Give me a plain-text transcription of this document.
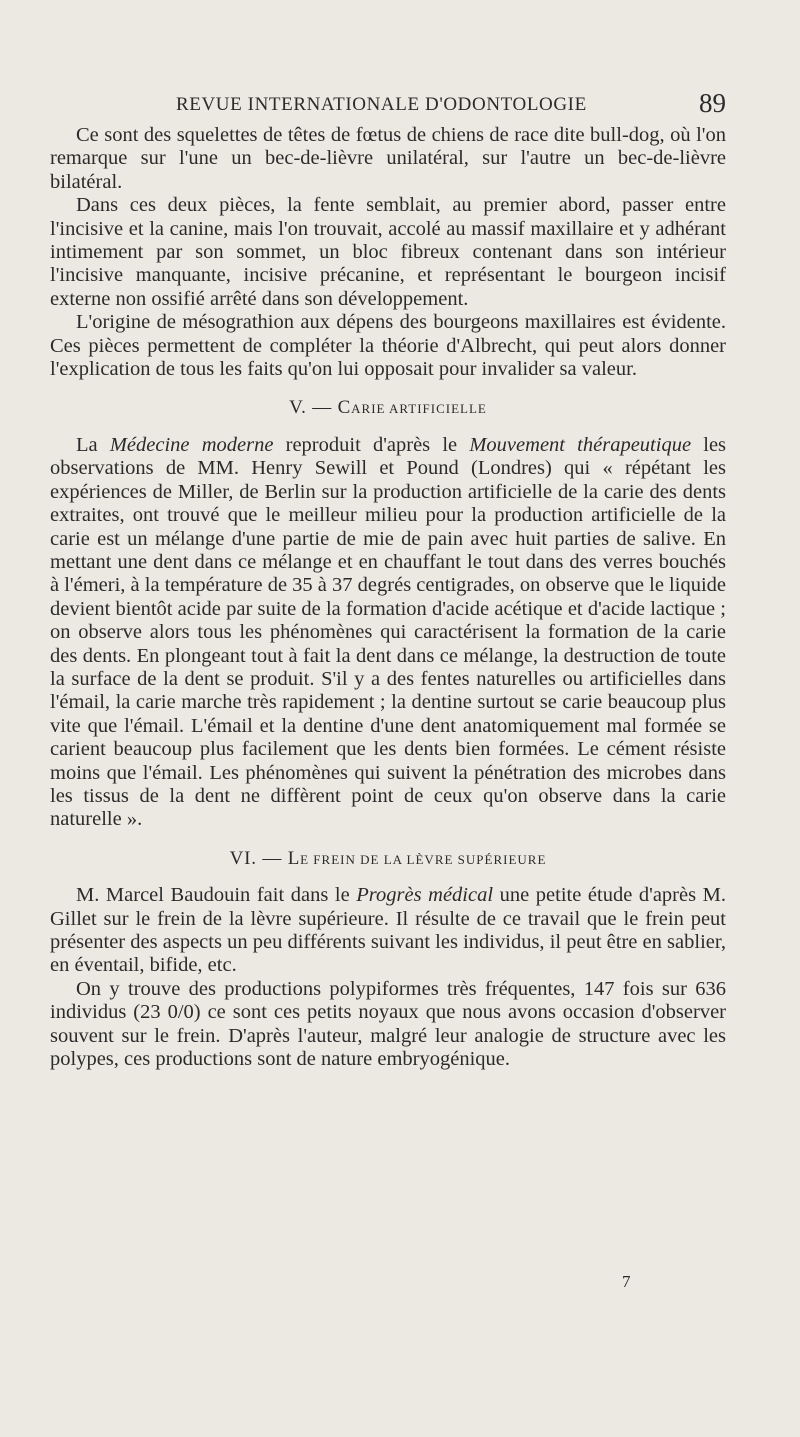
REVUE INTERNATIONALE D'ODONTOLOGIE	89

Ce sont des squelettes de têtes de fœtus de chiens de race dite bull-dog, où l'on remarque sur l'une un bec-de-lièvre unilatéral, sur l'autre un bec-de-lièvre bilatéral.

Dans ces deux pièces, la fente semblait, au premier abord, passer entre l'incisive et la canine, mais l'on trouvait, accolé au massif maxillaire et y adhérant intimement par son sommet, un bloc fibreux contenant dans son intérieur l'incisive manquante, incisive précanine, et représentant le bourgeon incisif externe non ossifié arrêté dans son développement.

L'origine de mésograthion aux dépens des bourgeons maxillaires est évidente. Ces pièces permettent de compléter la théorie d'Albrecht, qui peut alors donner l'explication de tous les faits qu'on lui opposait pour invalider sa valeur.

V. — CARIE ARTIFICIELLE

La Médecine moderne reproduit d'après le Mouvement thérapeutique les observations de MM. Henry Sewill et Pound (Londres) qui « répétant les expériences de Miller, de Berlin sur la production artificielle de la carie des dents extraites, ont trouvé que le meilleur milieu pour la production artificielle de la carie est un mélange d'une partie de mie de pain avec huit parties de salive. En mettant une dent dans ce mélange et en chauffant le tout dans des verres bouchés à l'émeri, à la température de 35 à 37 degrés centigrades, on observe que le liquide devient bientôt acide par suite de la formation d'acide acétique et d'acide lactique ; on observe alors tous les phénomènes qui caractérisent la formation de la carie des dents. En plongeant tout à fait la dent dans ce mélange, la destruction de toute la surface de la dent se produit. S'il y a des fentes naturelles ou artificielles dans l'émail, la carie marche très rapidement ; la dentine surtout se carie beaucoup plus vite que l'émail. L'émail et la dentine d'une dent anatomiquement mal formée se carient beaucoup plus facilement que les dents bien formées. Le cément résiste moins que l'émail. Les phénomènes qui suivent la pénétration des microbes dans les tissus de la dent ne diffèrent point de ceux qu'on observe dans la carie naturelle ».

VI. — LE FREIN DE LA LÈVRE SUPÉRIEURE

M. Marcel Baudouin fait dans le Progrès médical une petite étude d'après M. Gillet sur le frein de la lèvre supérieure. Il résulte de ce travail que le frein peut présenter des aspects un peu différents suivant les individus, il peut être en sablier, en éventail, bifide, etc.

On y trouve des productions polypiformes très fréquentes, 147 fois sur 636 individus (23 0/0) ce sont ces petits noyaux que nous avons occasion d'observer souvent sur le frein. D'après l'auteur, malgré leur analogie de structure avec les polypes, ces productions sont de nature embryogénique.

7
